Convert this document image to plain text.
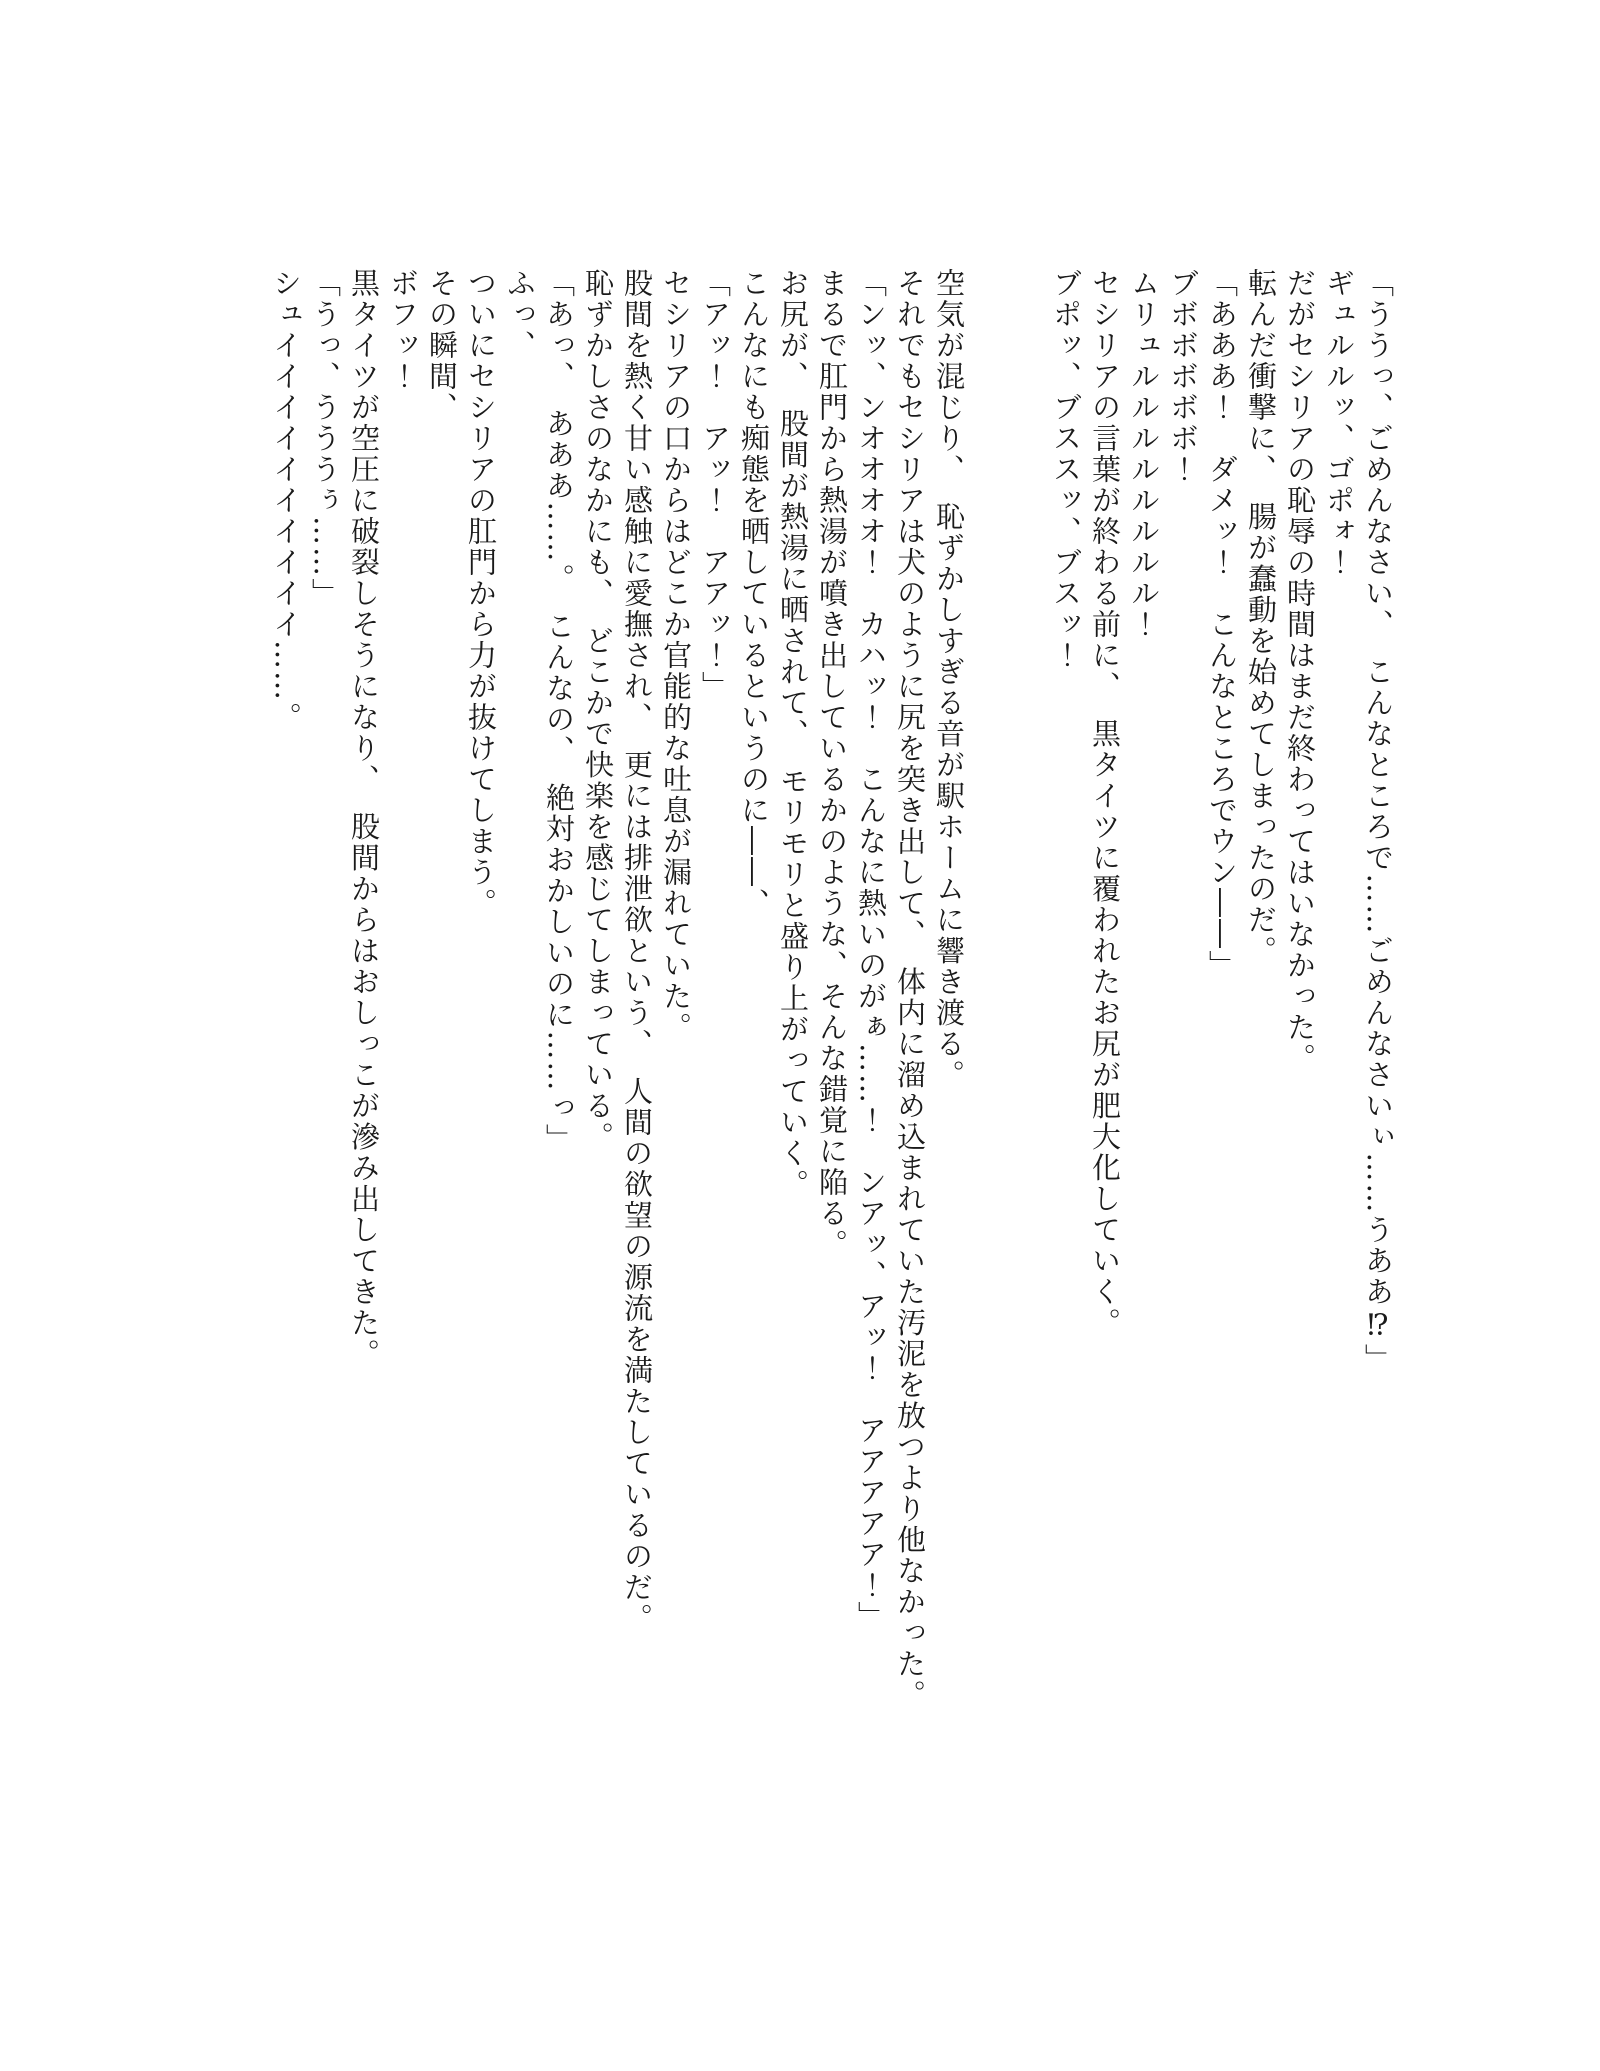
「ううっ、ごめんなさい、　こんなところで……ごめんなさいぃ……うああ⁉」

ギュルルッ、ゴポォ！

だがセシリアの恥辱の時間はまだ終わってはいなかった。

転んだ衝撃に、　腸が蠢動を始めてしまったのだ。

「あああ！　ダメッ！　こんなところでウン――」

ブボボボボボ！

ムリュルルルルルルルル！

セシリアの言葉が終わる前に、　黒タイツに覆われたお尻が肥大化していく。

ブポッ、ブススッ、ブスッ！

空気が混じり、　恥ずかしすぎる音が駅ホームに響き渡る。

それでもセシリアは犬のように尻を突き出して、　体内に溜め込まれていた汚泥を放つより他なかった。

「ンッ、ンオオオオ！　カハッ！　こんなに熱いのがぁ……！　ンアッ、アッ！　アアアアア！」

まるで肛門から熱湯が噴き出しているかのような、そんな錯覚に陥る。

お尻が、　股間が熱湯に晒されて、　モリモリと盛り上がっていく。

こんなにも痴態を晒しているというのに――、

「アッ！　アッ！　アアッ！」

セシリアの口からはどこか官能的な吐息が漏れていた。

股間を熱く甘い感触に愛撫され、　更には排泄欲という、　人間の欲望の源流を満たしているのだ。

恥ずかしさのなかにも、　どこかで快楽を感じてしまっている。

「あっ、　あああ……。　こんなの、　絶対おかしいのに……っ」

ふっ、

ついにセシリアの肛門から力が抜けてしまう。

その瞬間、

ボフッ！

黒タイツが空圧に破裂しそうになり、　股間からはおしっこが滲み出してきた。

「うっ、うううぅ……」

シュイイイイイイイイイイ……。
